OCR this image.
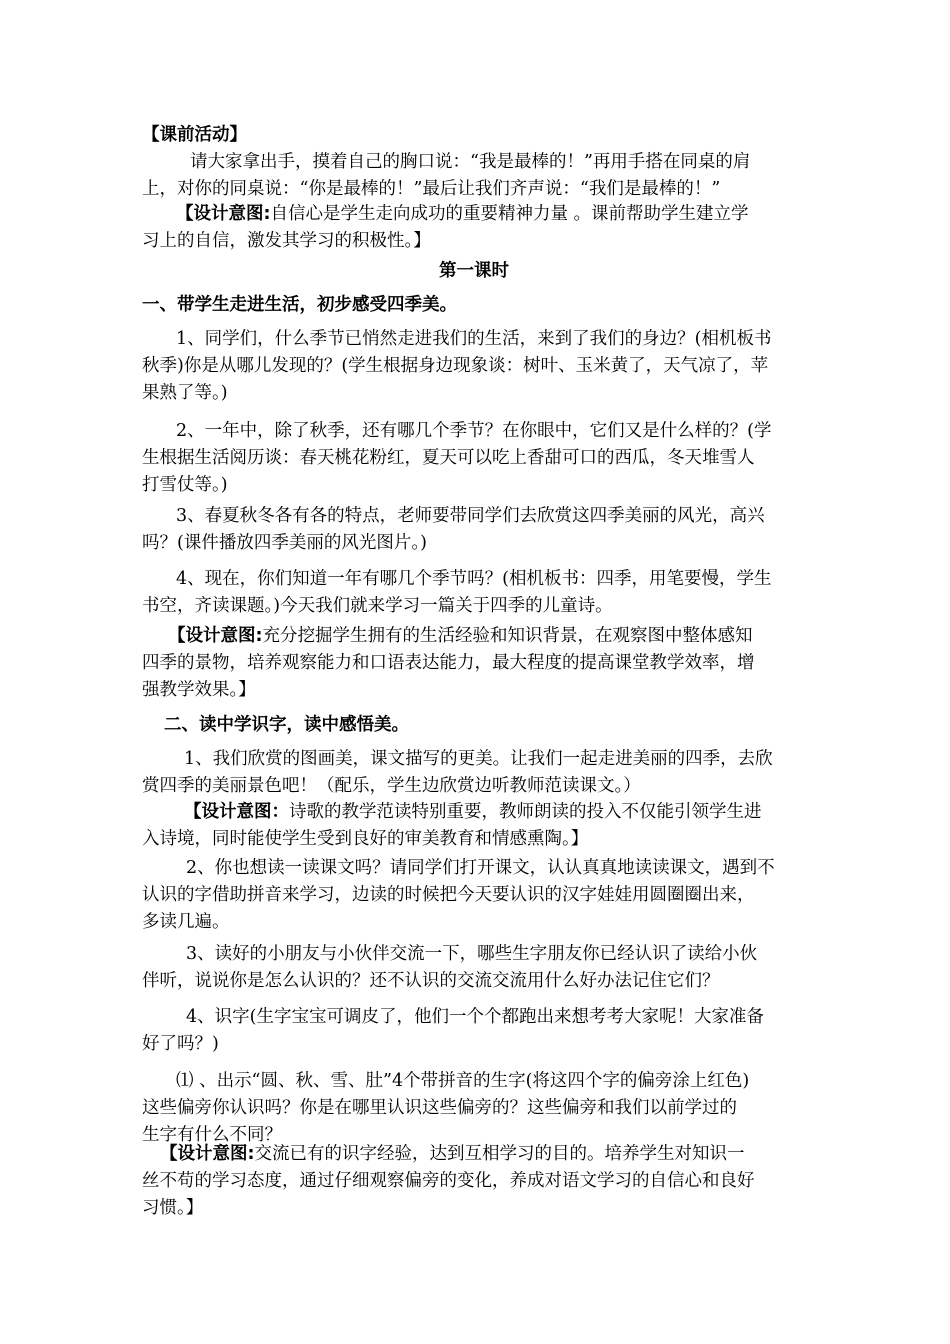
【课前活动】
请大家拿出手，摸着自己的胸口说：“我是最棒的！”再用手搭在同桌的肩
上，对你的同桌说：“你是最棒的！”最后让我们齐声说：“我们是最棒的！”
【设计意图:自信心是学生走向成功的重要精神力量 。课前帮助学生建立学
习上的自信，激发其学习的积极性。】
第一课时
一、带学生走进生活，初步感受四季美。
1、同学们，什么季节已悄然走进我们的生活，来到了我们的身边？(相机板书
秋季)你是从哪儿发现的？(学生根据身边现象谈：树叶、玉米黄了，天气凉了，苹
果熟了等。)
2、一年中，除了秋季，还有哪几个季节？在你眼中，它们又是什么样的？(学
生根据生活阅历谈：春天桃花粉红，夏天可以吃上香甜可口的西瓜，冬天堆雪人
打雪仗等。)
3、春夏秋冬各有各的特点，老师要带同学们去欣赏这四季美丽的风光，高兴
吗？(课件播放四季美丽的风光图片。)
4、现在，你们知道一年有哪几个季节吗？(相机板书：四季，用笔要慢，学生
书空，齐读课题。)今天我们就来学习一篇关于四季的儿童诗。
【设计意图:充分挖掘学生拥有的生活经验和知识背景，在观察图中整体感知
四季的景物，培养观察能力和口语表达能力，最大程度的提高课堂教学效率，增
强教学效果。】
二、读中学识字，读中感悟美。
1、我们欣赏的图画美，课文描写的更美。让我们一起走进美丽的四季，去欣
赏四季的美丽景色吧！（配乐，学生边欣赏边听教师范读课文。）
【设计意图：诗歌的教学范读特别重要，教师朗读的投入不仅能引领学生进
入诗境，同时能使学生受到良好的审美教育和情感熏陶。】
2、你也想读一读课文吗？请同学们打开课文，认认真真地读读课文，遇到不
认识的字借助拼音来学习，边读的时候把今天要认识的汉字娃娃用圆圈圈出来，
多读几遍。
3、读好的小朋友与小伙伴交流一下，哪些生字朋友你已经认识了读给小伙
伴听，说说你是怎么认识的？还不认识的交流交流用什么好办法记住它们？
4、识字(生字宝宝可调皮了，他们一个个都跑出来想考考大家呢！大家准备
好了吗？)
⑴ 、出示“圆、秋、雪、肚”4个带拼音的生字(将这四个字的偏旁涂上红色)
这些偏旁你认识吗？你是在哪里认识这些偏旁的？这些偏旁和我们以前学过的
生字有什么不同？
【设计意图:交流已有的识字经验，达到互相学习的目的。培养学生对知识一
丝不苟的学习态度，通过仔细观察偏旁的变化，养成对语文学习的自信心和良好
习惯。】
